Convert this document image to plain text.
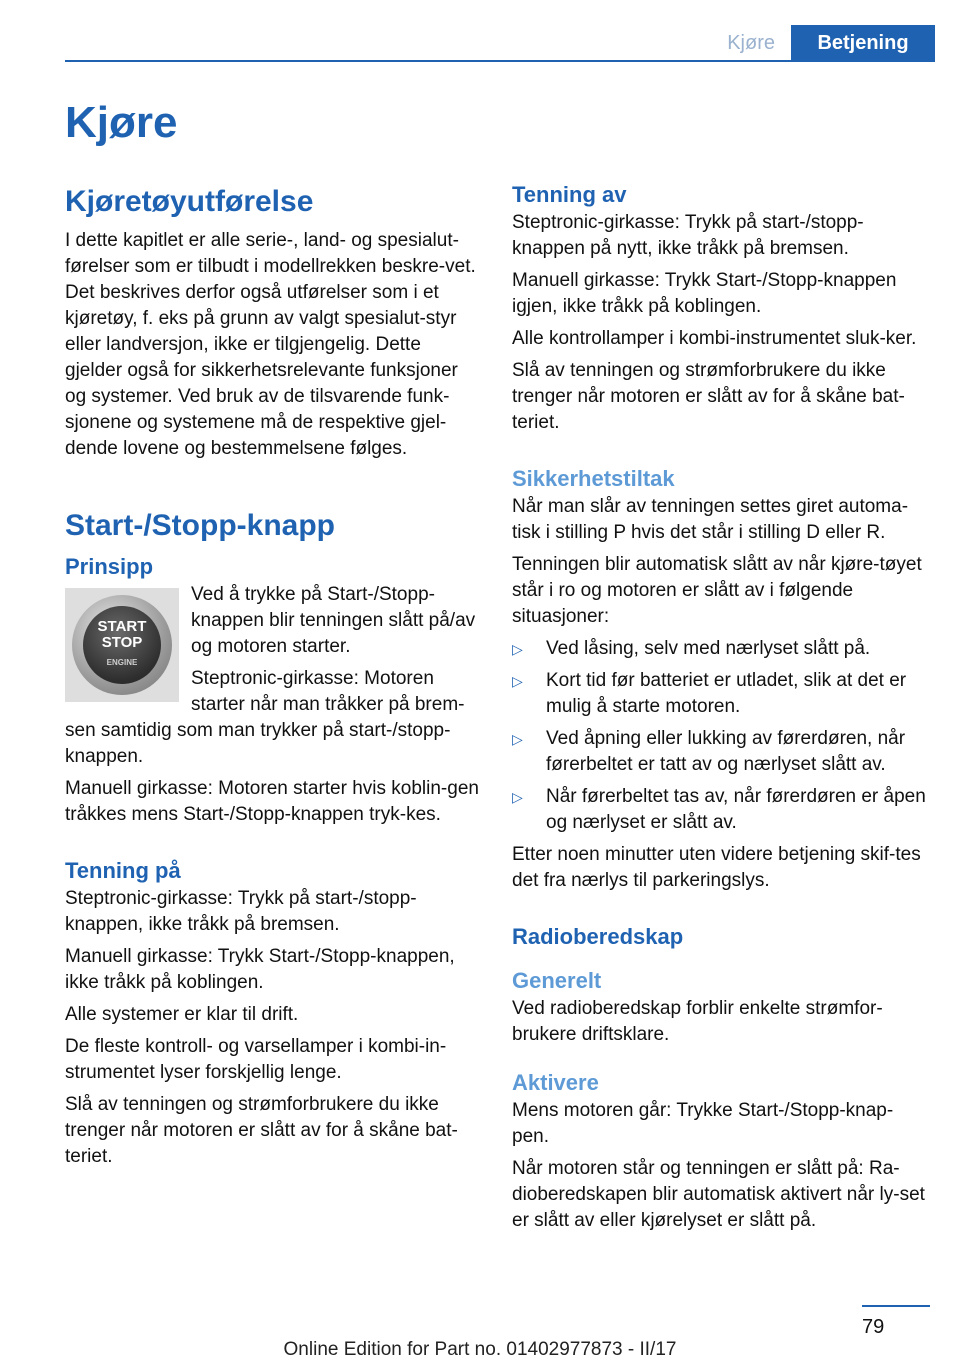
Kjøre	Betjening
Kjøre
Kjøretøyutførelse

I dette kapitlet er alle serie-, land- og spesialut-førelser som er tilbudt i modellrekken beskre-vet. Det beskrives derfor også utførelser som i et kjøretøy, f. eks på grunn av valgt spesialut-styr eller landversjon, ikke er tilgjengelig. Dette gjelder også for sikkerhetsrelevante funksjoner og systemer. Ved bruk av de tilsvarende funk-sjonene og systemene må de respektive gjel-dende lovene og bestemmelsene følges.

Start-/Stopp-knapp
Prinsipp
START
STOP
ENGINE

Ved å trykke på Start-/Stopp-knappen blir tenningen slått på/av og motoren starter.

Steptronic-girkasse: Motoren starter når man tråkker på brem-sen samtidig som man trykker på start-/stopp-knappen.

Manuell girkasse: Motoren starter hvis koblin-gen tråkkes mens Start-/Stopp-knappen tryk-kes.

Tenning på

Steptronic-girkasse: Trykk på start-/stopp-knappen, ikke tråkk på bremsen.

Manuell girkasse: Trykk Start-/Stopp-knappen, ikke tråkk på koblingen.

Alle systemer er klar til drift.

De fleste kontroll- og varsellamper i kombi-in-strumentet lyser forskjellig lenge.

Slå av tenningen og strømforbrukere du ikke trenger når motoren er slått av for å skåne bat-teriet.

Tenning av

Steptronic-girkasse: Trykk på start-/stopp-knappen på nytt, ikke tråkk på bremsen.

Manuell girkasse: Trykk Start-/Stopp-knappen igjen, ikke tråkk på koblingen.

Alle kontrollamper i kombi-instrumentet sluk-ker.

Slå av tenningen og strømforbrukere du ikke trenger når motoren er slått av for å skåne bat-teriet.

Sikkerhetstiltak

Når man slår av tenningen settes giret automa-tisk i stilling P hvis det står i stilling D eller R.

Tenningen blir automatisk slått av når kjøre-tøyet står i ro og motoren er slått av i følgende situasjoner:

▷ Ved låsing, selv med nærlyset slått på.
▷ Kort tid før batteriet er utladet, slik at det er mulig å starte motoren.
▷ Ved åpning eller lukking av førerdøren, når førerbeltet er tatt av og nærlyset slått av.
▷ Når førerbeltet tas av, når førerdøren er åpen og nærlyset er slått av.

Etter noen minutter uten videre betjening skif-tes det fra nærlys til parkeringslys.

Radioberedskap
Generelt

Ved radioberedskap forblir enkelte strømfor-brukere driftsklare.

Aktivere

Mens motoren går: Trykke Start-/Stopp-knap-pen.

Når motoren står og tenningen er slått på: Ra-dioberedskapen blir automatisk aktivert når ly-set er slått av eller kjørelyset er slått på.

79
Online Edition for Part no. 01402977873 - II/17
